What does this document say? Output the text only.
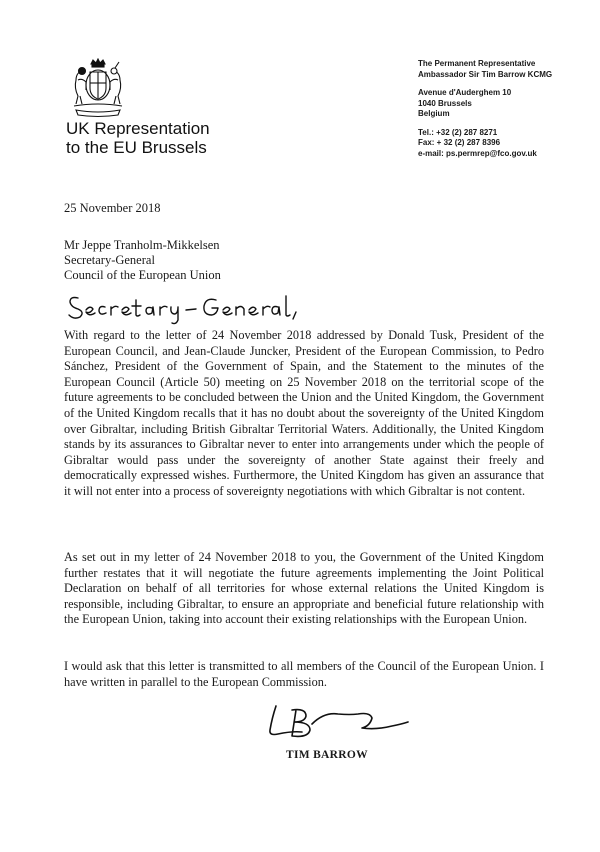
UK Representation
to the EU Brussels
The Permanent Representative
Ambassador Sir Tim Barrow KCMG
Avenue d'Auderghem 10
1040 Brussels
Belgium
Tel.: +32 (2) 287 8271
Fax: + 32 (2) 287 8396
e-mail: ps.permrep@fco.gov.uk
25 November 2018
Mr Jeppe Tranholm-Mikkelsen
Secretary-General
Council of the European Union

With regard to the letter of 24 November 2018 addressed by Donald Tusk, President of the European Council, and Jean-Claude Juncker, President of the European Commission, to Pedro Sánchez, President of the Government of Spain, and the Statement to the minutes of the European Council (Article 50) meeting on 25 November 2018 on the territorial scope of the future agreements to be concluded between the Union and the United Kingdom, the Government of the United Kingdom recalls that it has no doubt about the sovereignty of the United Kingdom over Gibraltar, including British Gibraltar Territorial Waters. Additionally, the United Kingdom stands by its assurances to Gibraltar never to enter into arrangements under which the people of Gibraltar would pass under the sovereignty of another State against their freely and democratically expressed wishes. Furthermore, the United Kingdom has given an assurance that it will not enter into a process of sovereignty negotiations with which Gibraltar is not content.

As set out in my letter of 24 November 2018 to you, the Government of the United Kingdom further restates that it will negotiate the future agreements implementing the Joint Political Declaration on behalf of all territories for whose external relations the United Kingdom is responsible, including Gibraltar, to ensure an appropriate and beneficial future relationship with the European Union, taking into account their existing relationships with the European Union.

I would ask that this letter is transmitted to all members of the Council of the European Union. I have written in parallel to the European Commission.

TIM BARROW
